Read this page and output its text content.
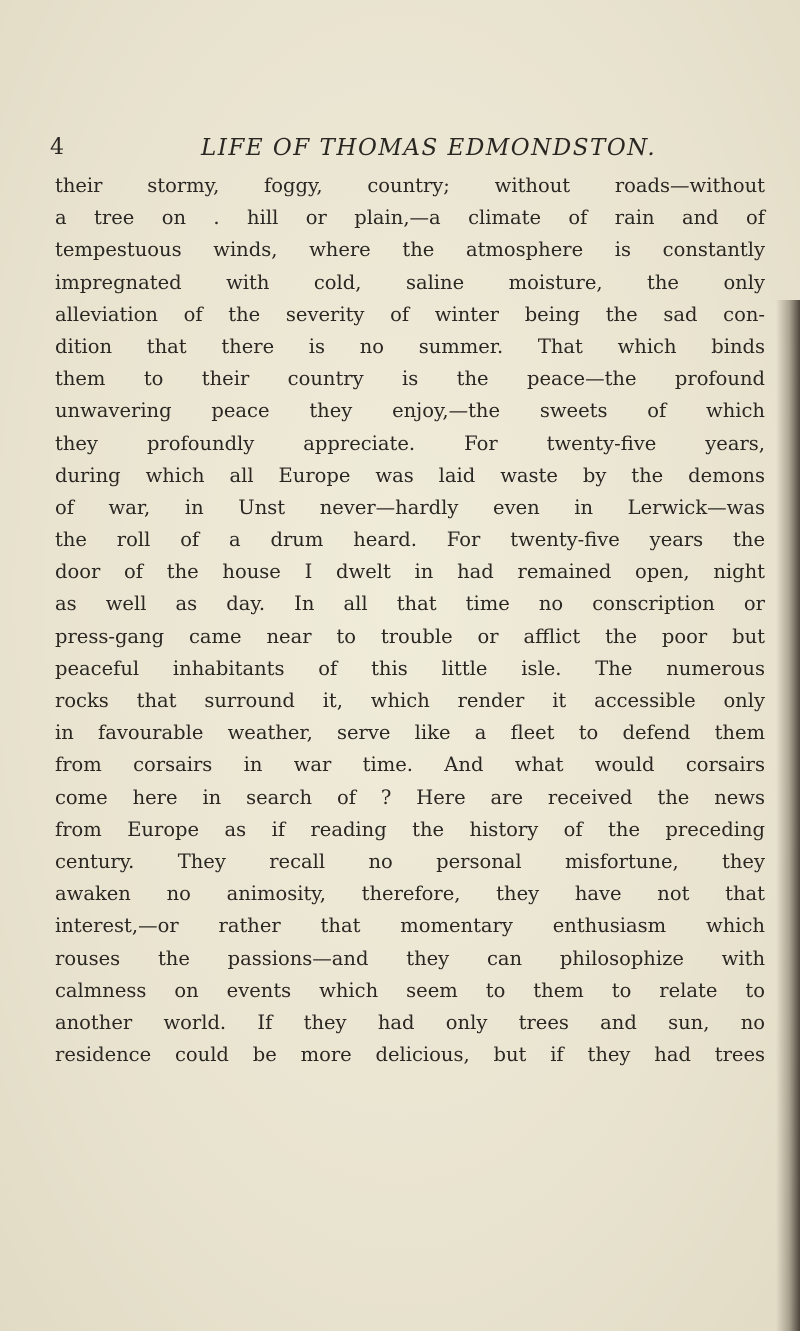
4	LIFE OF THOMAS EDMONDSTON.
their stormy, foggy, country; without roads—without
a tree on . hill or plain,—a climate of rain and of
tempestuous winds, where the atmosphere is constantly
impregnated with cold, saline moisture, the only
alleviation of the severity of winter being the sad con-
dition that there is no summer. That which binds
them to their country is the peace—the profound
unwavering peace they enjoy,—the sweets of which
they profoundly appreciate. For twenty-five years,
during which all Europe was laid waste by the demons
of war, in Unst never—hardly even in Lerwick—was
the roll of a drum heard. For twenty-five years the
door of the house I dwelt in had remained open, night
as well as day. In all that time no conscription or
press-gang came near to trouble or afflict the poor but
peaceful inhabitants of this little isle. The numerous
rocks that surround it, which render it accessible only
in favourable weather, serve like a fleet to defend them
from corsairs in war time. And what would corsairs
come here in search of ? Here are received the news
from Europe as if reading the history of the preceding
century. They recall no personal misfortune, they
awaken no animosity, therefore, they have not that
interest,—or rather that momentary enthusiasm which
rouses the passions—and they can philosophize with
calmness on events which seem to them to relate to
another world. If they had only trees and sun, no
residence could be more delicious, but if they had trees
